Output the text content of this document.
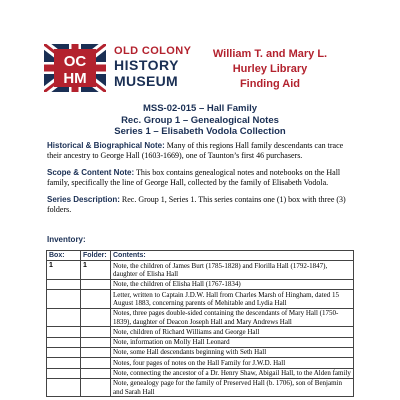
OC
HM
OLD COLONY
HISTORY
MUSEUM
William T. and Mary L.
Hurley Library
Finding Aid
MSS-02-015 – Hall Family
Rec. Group 1 – Genealogical Notes
Series 1 – Elisabeth Vodola Collection
Historical & Biographical Note: Many of this regions Hall family descendants can trace their ancestry to George Hall (1603-1669), one of Taunton’s first 46 purchasers.
Scope & Content Note: This box contains genealogical notes and notebooks on the Hall family, specifically the line of George Hall, collected by the family of Elisabeth Vodola.
Series Description: Rec. Group 1, Series 1. This series contains one (1) box with three (3) folders.
Inventory:
Box:	Folder:	Contents:
1	1	Note, the children of James Burt (1785-1828) and Florilla Hall (1792-1847), daughter of Elisha Hall
		Note, the children of Elisha Hall (1767-1834)
		Letter, written to Captain J.D.W. Hall from Charles Marsh of Hingham, dated 15 August 1883, concerning parents of Mehitable and Lydia Hall
		Notes, three pages double-sided containing the descendants of Mary Hall (1750-1839), daughter of Deacon Joseph Hall and Mary Andrews Hall
		Note, children of Richard Williams and George Hall
		Note, information on Molly Hall Leonard
		Note, some Hall descendants beginning with Seth Hall
		Notes, four pages of notes on the Hall Family for J.W.D. Hall
		Note, connecting the ancestor of a Dr. Henry Shaw, Abigail Hall, to the Alden family
		Note, genealogy page for the family of Preserved Hall (b. 1706), son of Benjamin and Sarah Hall
